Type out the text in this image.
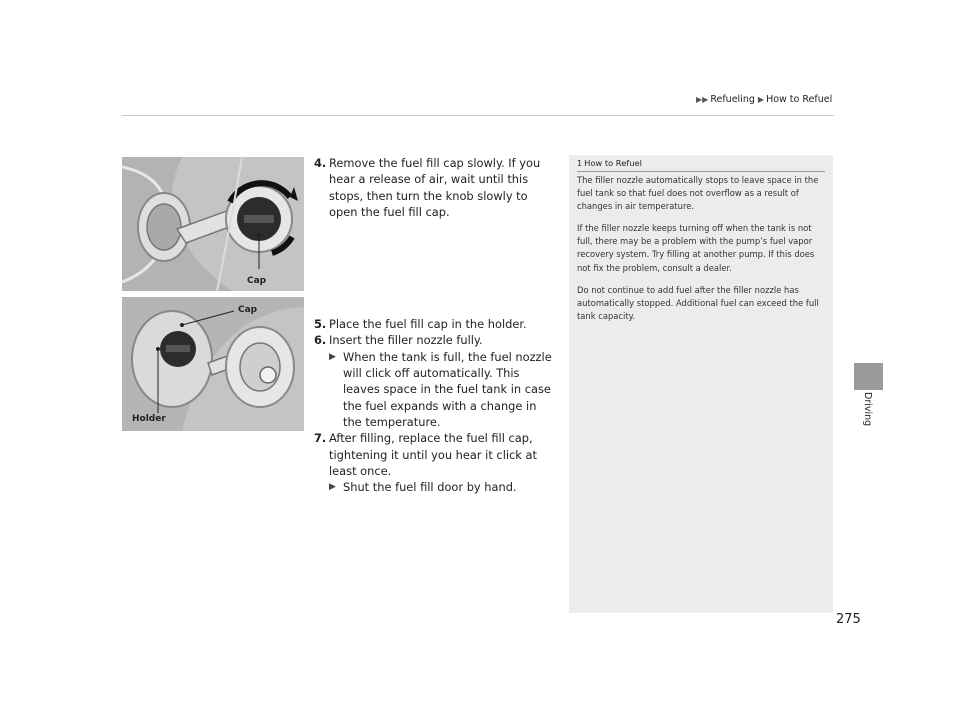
▶▶ Refueling ▶ How to Refuel
Cap
Cap
Holder
4. Remove the fuel fill cap slowly. If you hear a release of air, wait until this stops, then turn the knob slowly to open the fuel fill cap.
5. Place the fuel fill cap in the holder.
6. Insert the filler nozzle fully.
▶ When the tank is full, the fuel nozzle will click off automatically. This leaves space in the fuel tank in case the fuel expands with a change in the temperature.
7. After filling, replace the fuel fill cap, tightening it until you hear it click at least once.
▶ Shut the fuel fill door by hand.
1 How to Refuel

The filler nozzle automatically stops to leave space in the fuel tank so that fuel does not overflow as a result of changes in air temperature.

If the filler nozzle keeps turning off when the tank is not full, there may be a problem with the pump’s fuel vapor recovery system. Try filling at another pump. If this does not fix the problem, consult a dealer.

Do not continue to add fuel after the filler nozzle has automatically stopped. Additional fuel can exceed the full tank capacity.

Driving
275
